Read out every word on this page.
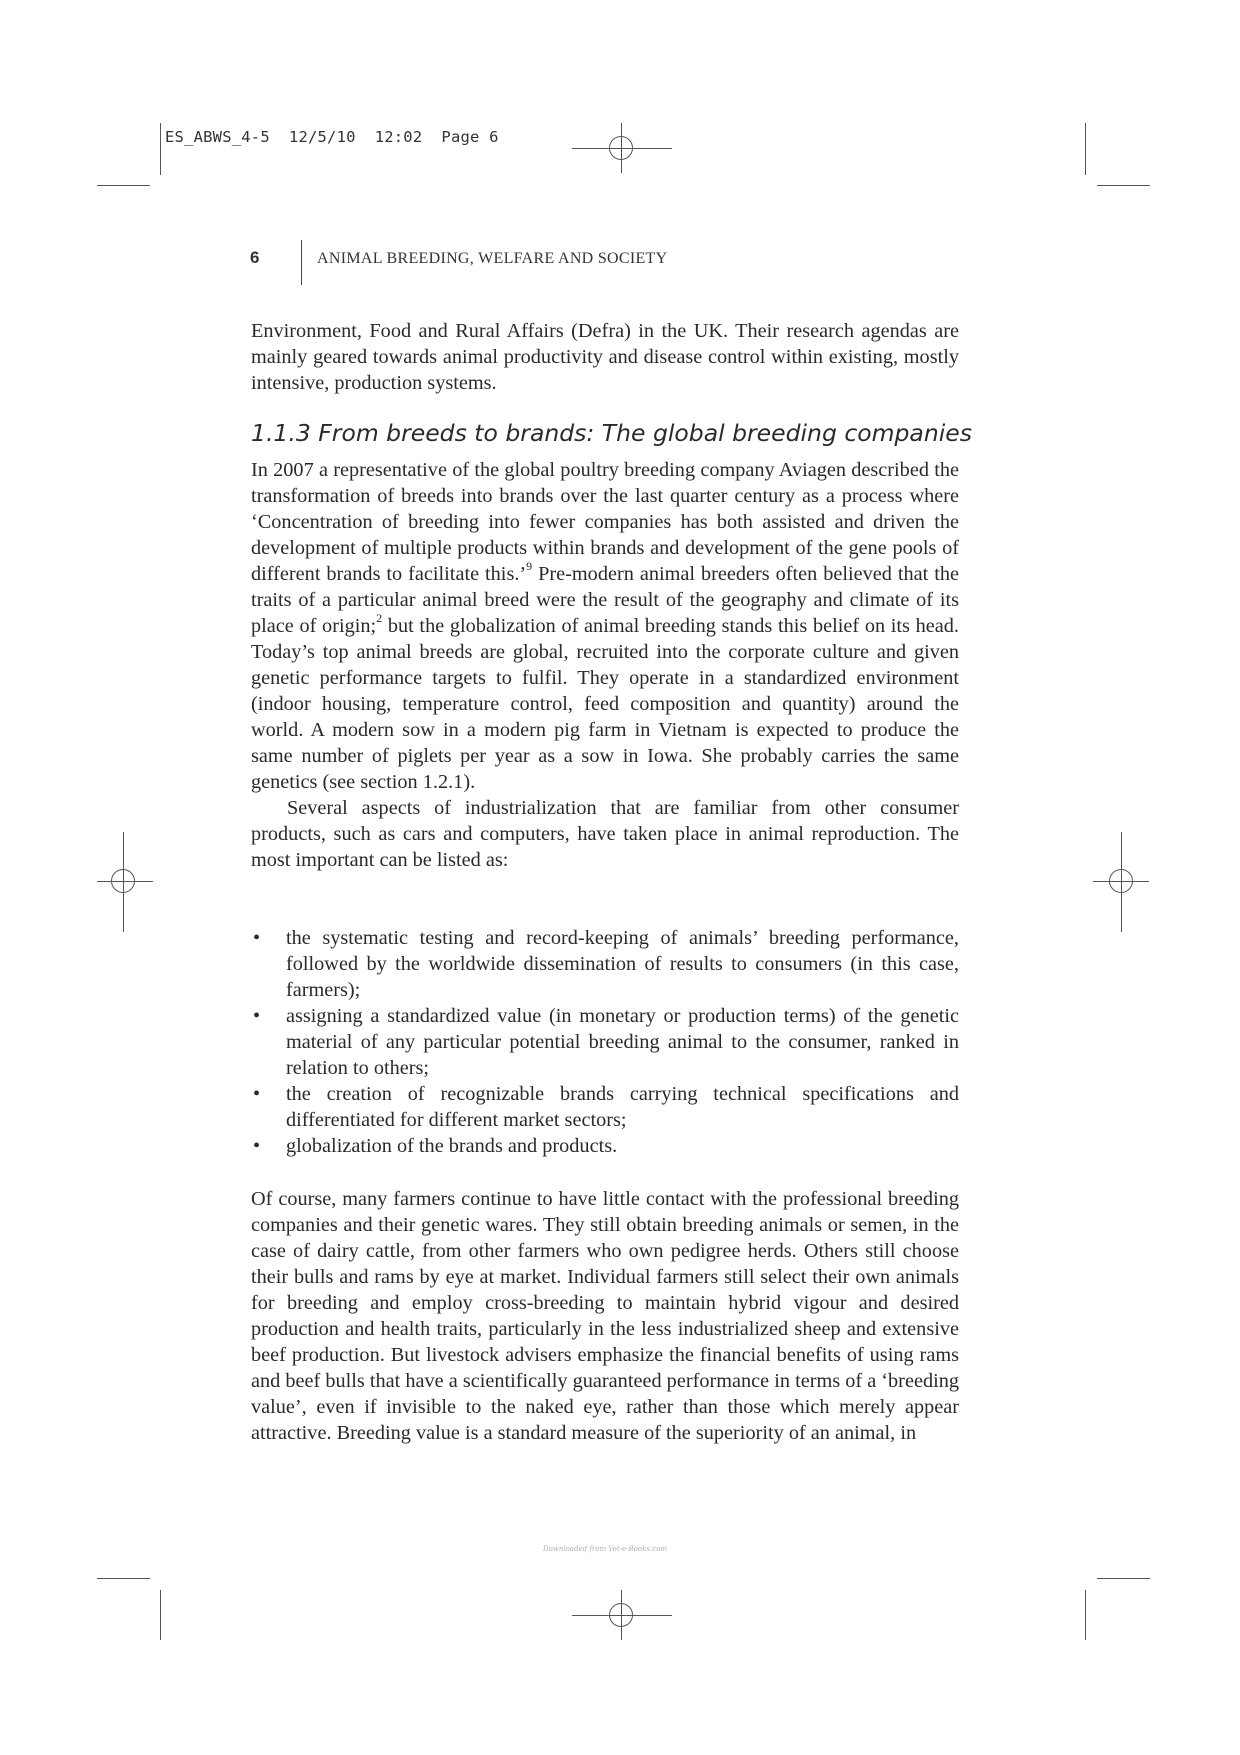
ES_ABWS_4-5  12/5/10  12:02  Page 6
6	ANIMAL BREEDING, WELFARE AND SOCIETY

Environment, Food and Rural Affairs (Defra) in the UK. Their research agendas are mainly geared towards animal productivity and disease control within existing, mostly intensive, production systems.

1.1.3 From breeds to brands: The global breeding companies

In 2007 a representative of the global poultry breeding company Aviagen described the transformation of breeds into brands over the last quarter century as a process where ‘Concentration of breeding into fewer companies has both assisted and driven the development of multiple products within brands and development of the gene pools of different brands to facilitate this.’$^9$ Pre-modern animal breeders often believed that the traits of a particular animal breed were the result of the geography and climate of its place of origin;$^2$ but the globalization of animal breeding stands this belief on its head. Today’s top animal breeds are global, recruited into the corporate culture and given genetic performance targets to fulfil. They operate in a standardized environment (indoor housing, temperature control, feed composition and quantity) around the world. A modern sow in a modern pig farm in Vietnam is expected to produce the same number of piglets per year as a sow in Iowa. She probably carries the same genetics (see section 1.2.1).

Several aspects of industrialization that are familiar from other consumer products, such as cars and computers, have taken place in animal reproduction. The most important can be listed as:

• the systematic testing and record-keeping of animals’ breeding performance, followed by the worldwide dissemination of results to consumers (in this case, farmers);
• assigning a standardized value (in monetary or production terms) of the genetic material of any particular potential breeding animal to the consumer, ranked in relation to others;
• the creation of recognizable brands carrying technical specifications and differentiated for different market sectors;
• globalization of the brands and products.

Of course, many farmers continue to have little contact with the professional breeding companies and their genetic wares. They still obtain breeding animals or semen, in the case of dairy cattle, from other farmers who own pedigree herds. Others still choose their bulls and rams by eye at market. Individual farmers still select their own animals for breeding and employ cross-breeding to maintain hybrid vigour and desired production and health traits, particularly in the less industrialized sheep and extensive beef production. But livestock advisers emphasize the financial benefits of using rams and beef bulls that have a scientifically guaranteed performance in terms of a ‘breeding value’, even if invisible to the naked eye, rather than those which merely appear attractive. Breeding value is a standard measure of the superiority of an animal, in

Downloaded from Vet-e-Books.com
